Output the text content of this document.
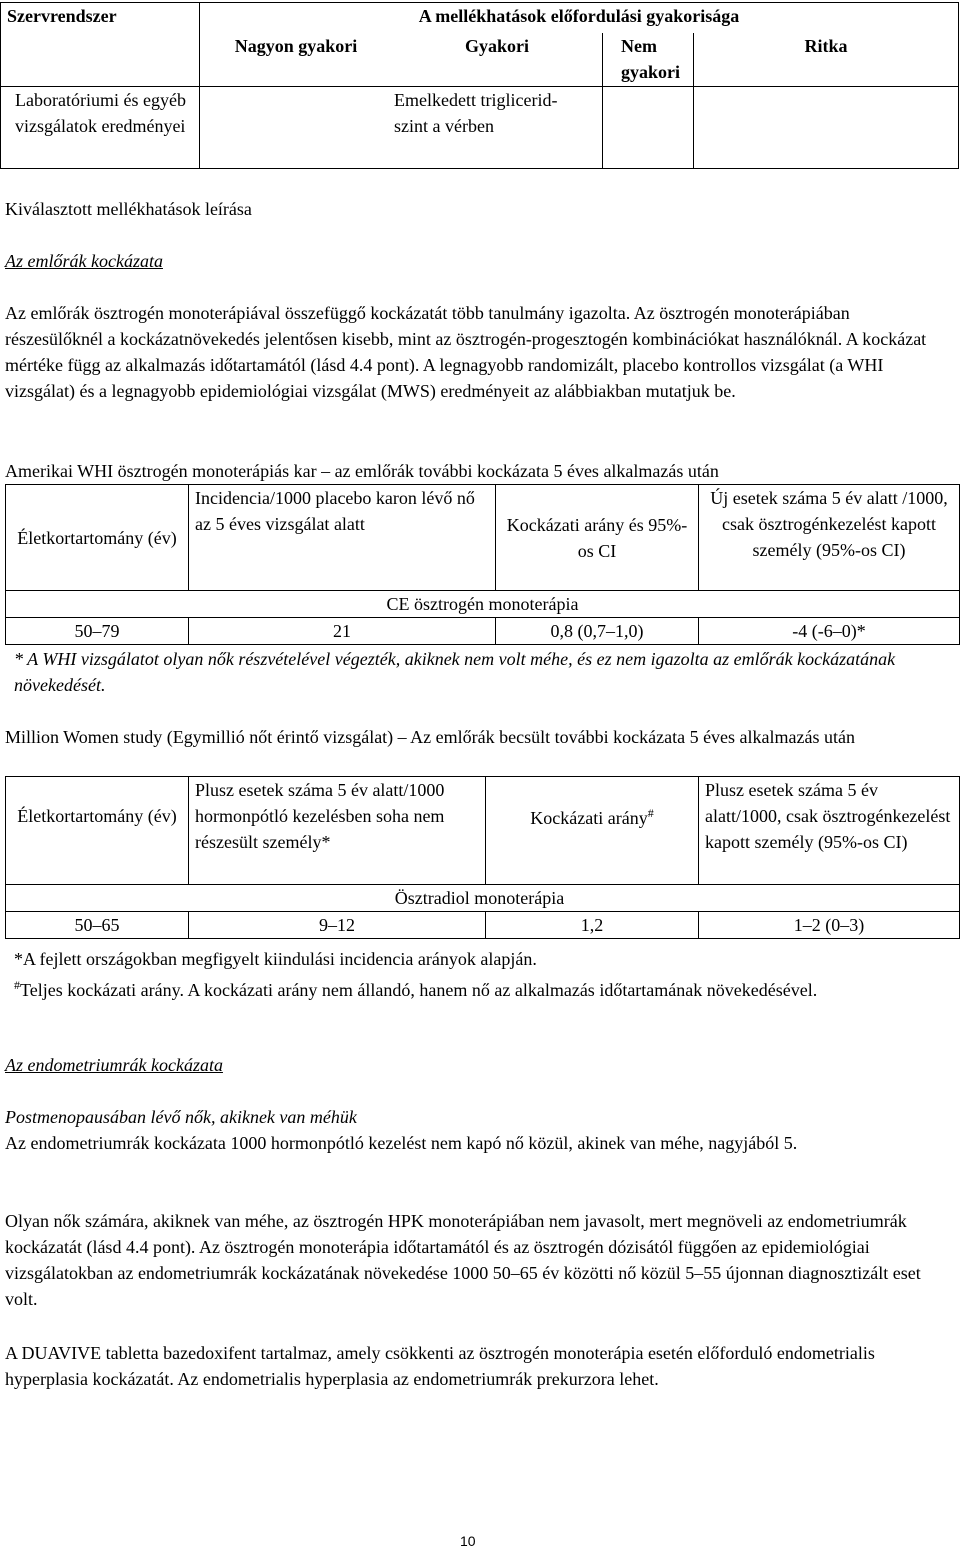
Szervrendszer	A mellékhatások előfordulási gyakorisága			
	Nagyon gyakori	Gyakori	Nem gyakori	Ritka
Laboratóriumi és egyéb vizsgálatok eredményei		Emelkedett trigliceridszint a vérben		

Kiválasztott mellékhatások leírása

Az emlőrák kockázata

Az emlőrák ösztrogén monoterápiával összefüggő kockázatát több tanulmány igazolta. Az ösztrogén monoterápiában részesülőknél a kockázatnövekedés jelentősen kisebb, mint az ösztrogén-progesztogén kombinációkat használóknál. A kockázat mértéke függ az alkalmazás időtartamától (lásd 4.4 pont). A legnagyobb randomizált, placebo kontrollos vizsgálat (a WHI vizsgálat) és a legnagyobb epidemiológiai vizsgálat (MWS) eredményeit az alábbiakban mutatjuk be.

Amerikai WHI ösztrogén monoterápiás kar – az emlőrák további kockázata 5 éves alkalmazás után

Életkortartomány (év)	Incidencia/1000 placebo karon lévő nő az 5 éves vizsgálat alatt	Kockázati arány és 95%-os CI	Új esetek száma 5 év alatt /1000, csak ösztrogénkezelést kapott személy (95%-os CI)
CE ösztrogén monoterápia			
50–79	21	0,8 (0,7–1,0)	-4 (-6–0)*

* A WHI vizsgálatot olyan nők részvételével végezték, akiknek nem volt méhe, és ez nem igazolta az emlőrák kockázatának növekedését.

Million Women study (Egymillió nőt érintő vizsgálat) – Az emlőrák becsült további kockázata 5 éves alkalmazás után

Életkortartomány (év)	Plusz esetek száma 5 év alatt/1000 hormonpótló kezelésben soha nem részesült személy*	Kockázati arány#	Plusz esetek száma 5 év alatt/1000, csak ösztrogénkezelést kapott személy (95%-os CI)
Ösztradiol monoterápia			
50–65	9–12	1,2	1–2 (0–3)

*A fejlett országokban megfigyelt kiindulási incidencia arányok alapján.

#Teljes kockázati arány. A kockázati arány nem állandó, hanem nő az alkalmazás időtartamának növekedésével.

Az endometriumrák kockázata

Postmenopausában lévő nők, akiknek van méhük

Az endometriumrák kockázata 1000 hormonpótló kezelést nem kapó nő közül, akinek van méhe, nagyjából 5.

Olyan nők számára, akiknek van méhe, az ösztrogén HPK monoterápiában nem javasolt, mert megnöveli az endometriumrák kockázatát (lásd 4.4 pont). Az ösztrogén monoterápia időtartamától és az ösztrogén dózisától függően az epidemiológiai vizsgálatokban az endometriumrák kockázatának növekedése 1000 50–65 év közötti nő közül 5–55 újonnan diagnosztizált eset volt.

A DUAVIVE tabletta bazedoxifent tartalmaz, amely csökkenti az ösztrogén monoterápia esetén előforduló endometrialis hyperplasia kockázatát. Az endometrialis hyperplasia az endometriumrák prekurzora lehet.

10
